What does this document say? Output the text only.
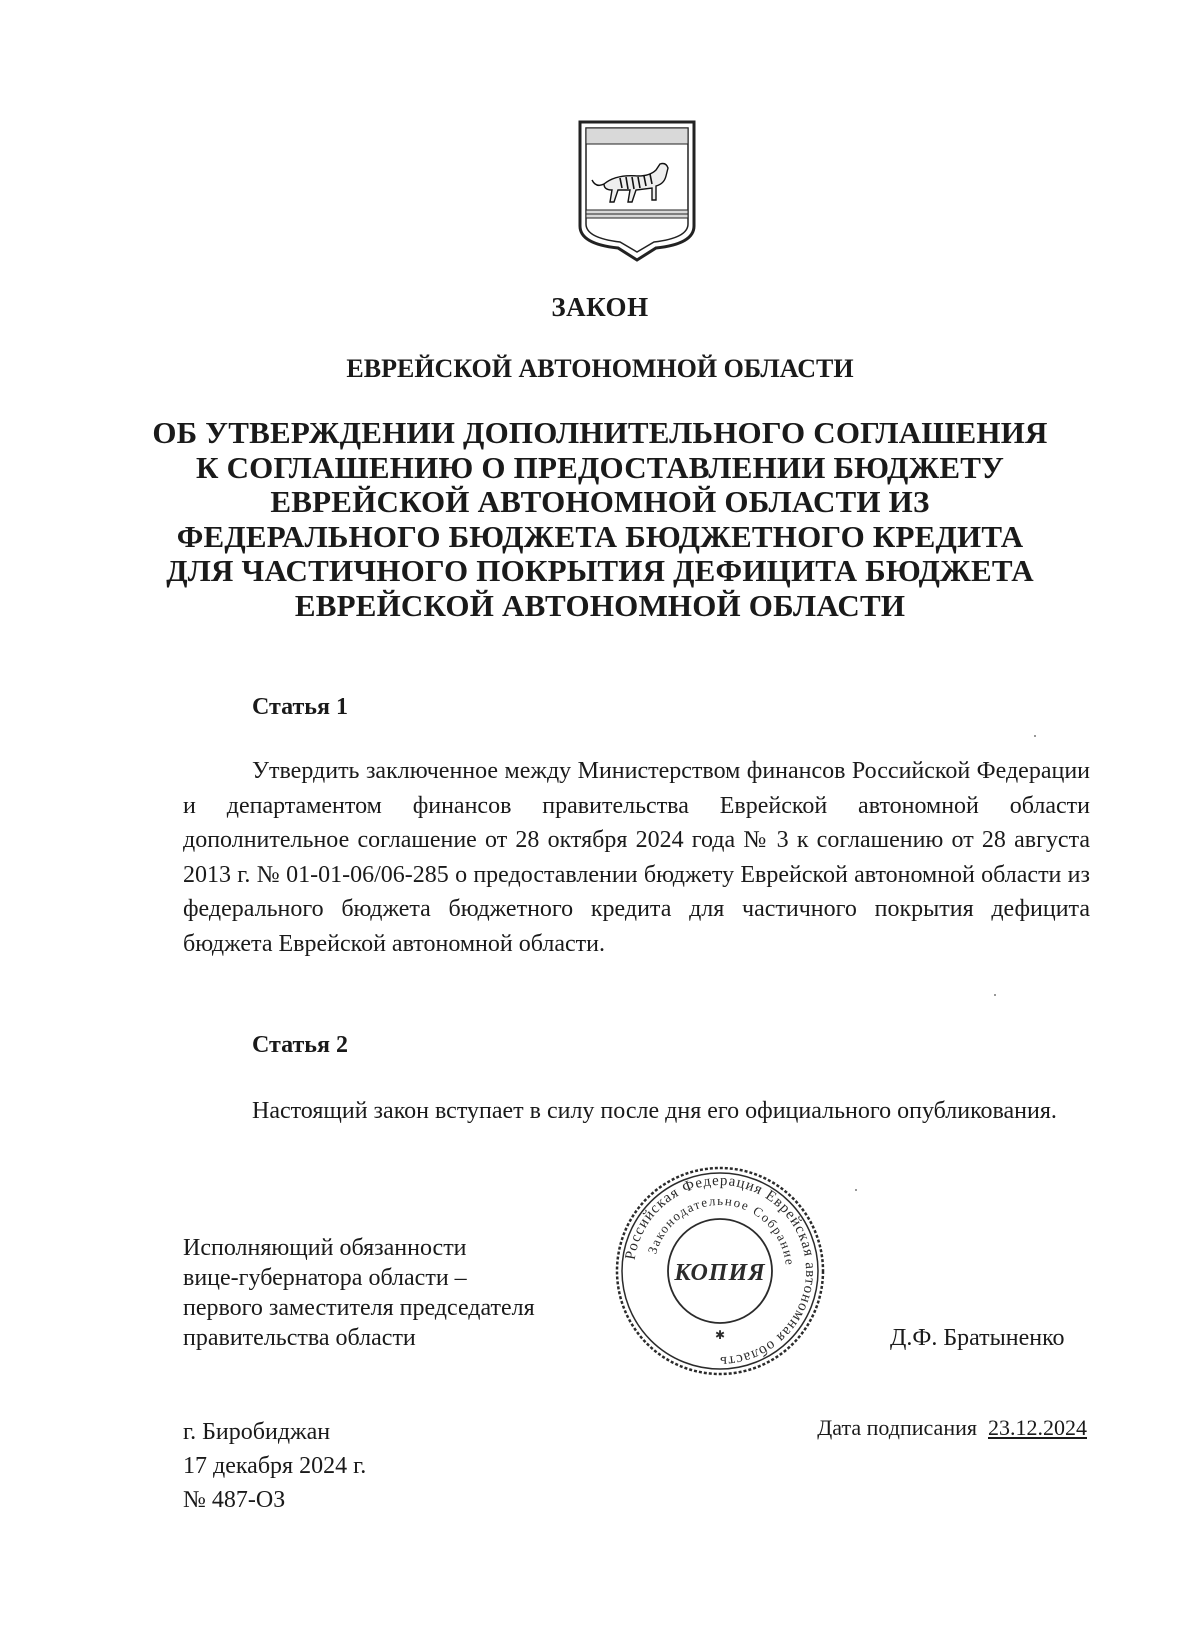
ЗАКОН
ЕВРЕЙСКОЙ АВТОНОМНОЙ ОБЛАСТИ
ОБ УТВЕРЖДЕНИИ ДОПОЛНИТЕЛЬНОГО СОГЛАШЕНИЯ
К СОГЛАШЕНИЮ О ПРЕДОСТАВЛЕНИИ БЮДЖЕТУ
ЕВРЕЙСКОЙ АВТОНОМНОЙ ОБЛАСТИ ИЗ
ФЕДЕРАЛЬНОГО БЮДЖЕТА БЮДЖЕТНОГО КРЕДИТА
ДЛЯ ЧАСТИЧНОГО ПОКРЫТИЯ ДЕФИЦИТА БЮДЖЕТА
ЕВРЕЙСКОЙ АВТОНОМНОЙ ОБЛАСТИ
Статья 1
Утвердить заключенное между Министерством финансов Российской Федерации и департаментом финансов правительства Еврейской автономной области дополнительное соглашение от 28 октября 2024 года № 3 к соглашению от 28 августа 2013 г. № 01-01-06/06-285 о предоставлении бюджету Еврейской автономной области из федерального бюджета бюджетного кредита для частичного покрытия дефицита бюджета Еврейской автономной области.
Статья 2
Настоящий закон вступает в силу после дня его официального опубликования.
Исполняющий обязанности
вице-губернатора области –
первого заместителя председателя
правительства области
Российская Федерация Еврейская автономная область
Законодательное Собрание
КОПИЯ
✱	Д.Ф. Братыненко
г. Биробиджан
17 декабря 2024 г.
№ 487-ОЗ
Дата подписания 23.12.2024
